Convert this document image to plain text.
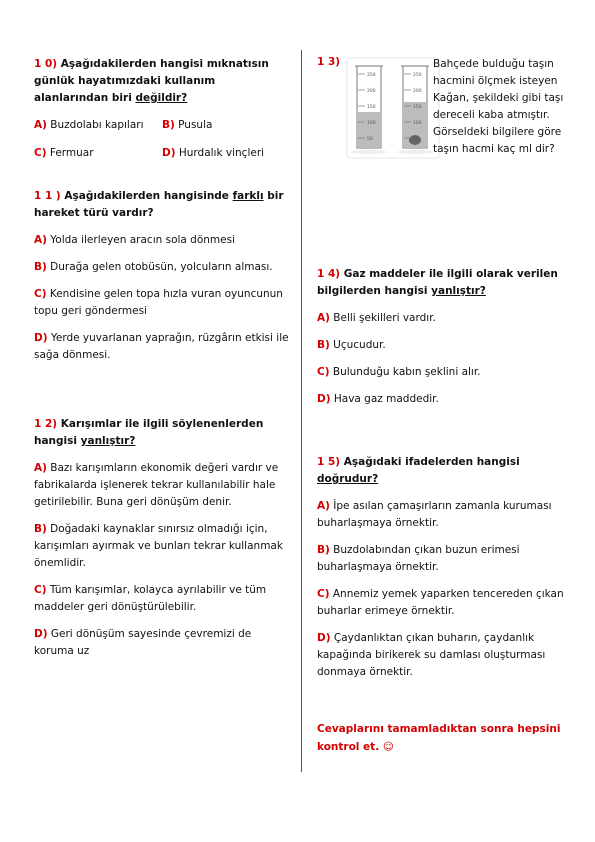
1 0) Aşağıdakilerden hangisi mıknatısın günlük hayatımızdaki kullanım alanlarından biri değildir?

A) Buzdolabı kapıları	B) Pusula

C) Fermuar	D) Hurdalık vinçleri

1 1 ) Aşağıdakilerden hangisinde farklı bir hareket türü vardır?

A) Yolda ilerleyen aracın sola dönmesi

B) Durağa gelen otobüsün, yolcuların alması.

C) Kendisine gelen topa hızla vuran oyuncunun topu geri göndermesi

D) Yerde yuvarlanan yaprağın, rüzgârın etkisi ile sağa dönmesi.

1 2) Karışımlar ile ilgili söylenenlerden hangisi yanlıştır?

A) Bazı karışımların ekonomik değeri vardır ve fabrikalarda işlenerek tekrar kullanılabilir hale getirilebilir. Buna geri dönüşüm denir.

B) Doğadaki kaynaklar sınırsız olmadığı için, karışımları ayırmak ve bunları tekrar kullanmak önemlidir.

C) Tüm karışımlar, kolayca ayrılabilir ve tüm maddeler geri dönüştürülebilir.

D) Geri dönüşüm sayesinde çevremizi de koruma uz

1 3)
250
200
150
100
50
250
200
150
100
50

Bahçede bulduğu taşın hacmini ölçmek isteyen Kağan, şekildeki gibi taşı dereceli kaba atmıştır. Görseldeki bilgilere göre taşın hacmi kaç ml dir?

1 4) Gaz maddeler ile ilgili olarak verilen bilgilerden hangisi yanlıştır?

A) Belli şekilleri vardır.

B) Uçucudur.

C) Bulunduğu kabın şeklini alır.

D) Hava gaz maddedir.

1 5) Aşağıdaki ifadelerden hangisi doğrudur?

A) İpe asılan çamaşırların zamanla kuruması buharlaşmaya örnektir.

B) Buzdolabından çıkan buzun erimesi buharlaşmaya örnektir.

C) Annemiz yemek yaparken tencereden çıkan buharlar erimeye örnektir.

D) Çaydanlıktan çıkan buharın, çaydanlık kapağında birikerek su damlası oluşturması donmaya örnektir.

Cevaplarını tamamladıktan sonra hepsini kontrol et. ☺
